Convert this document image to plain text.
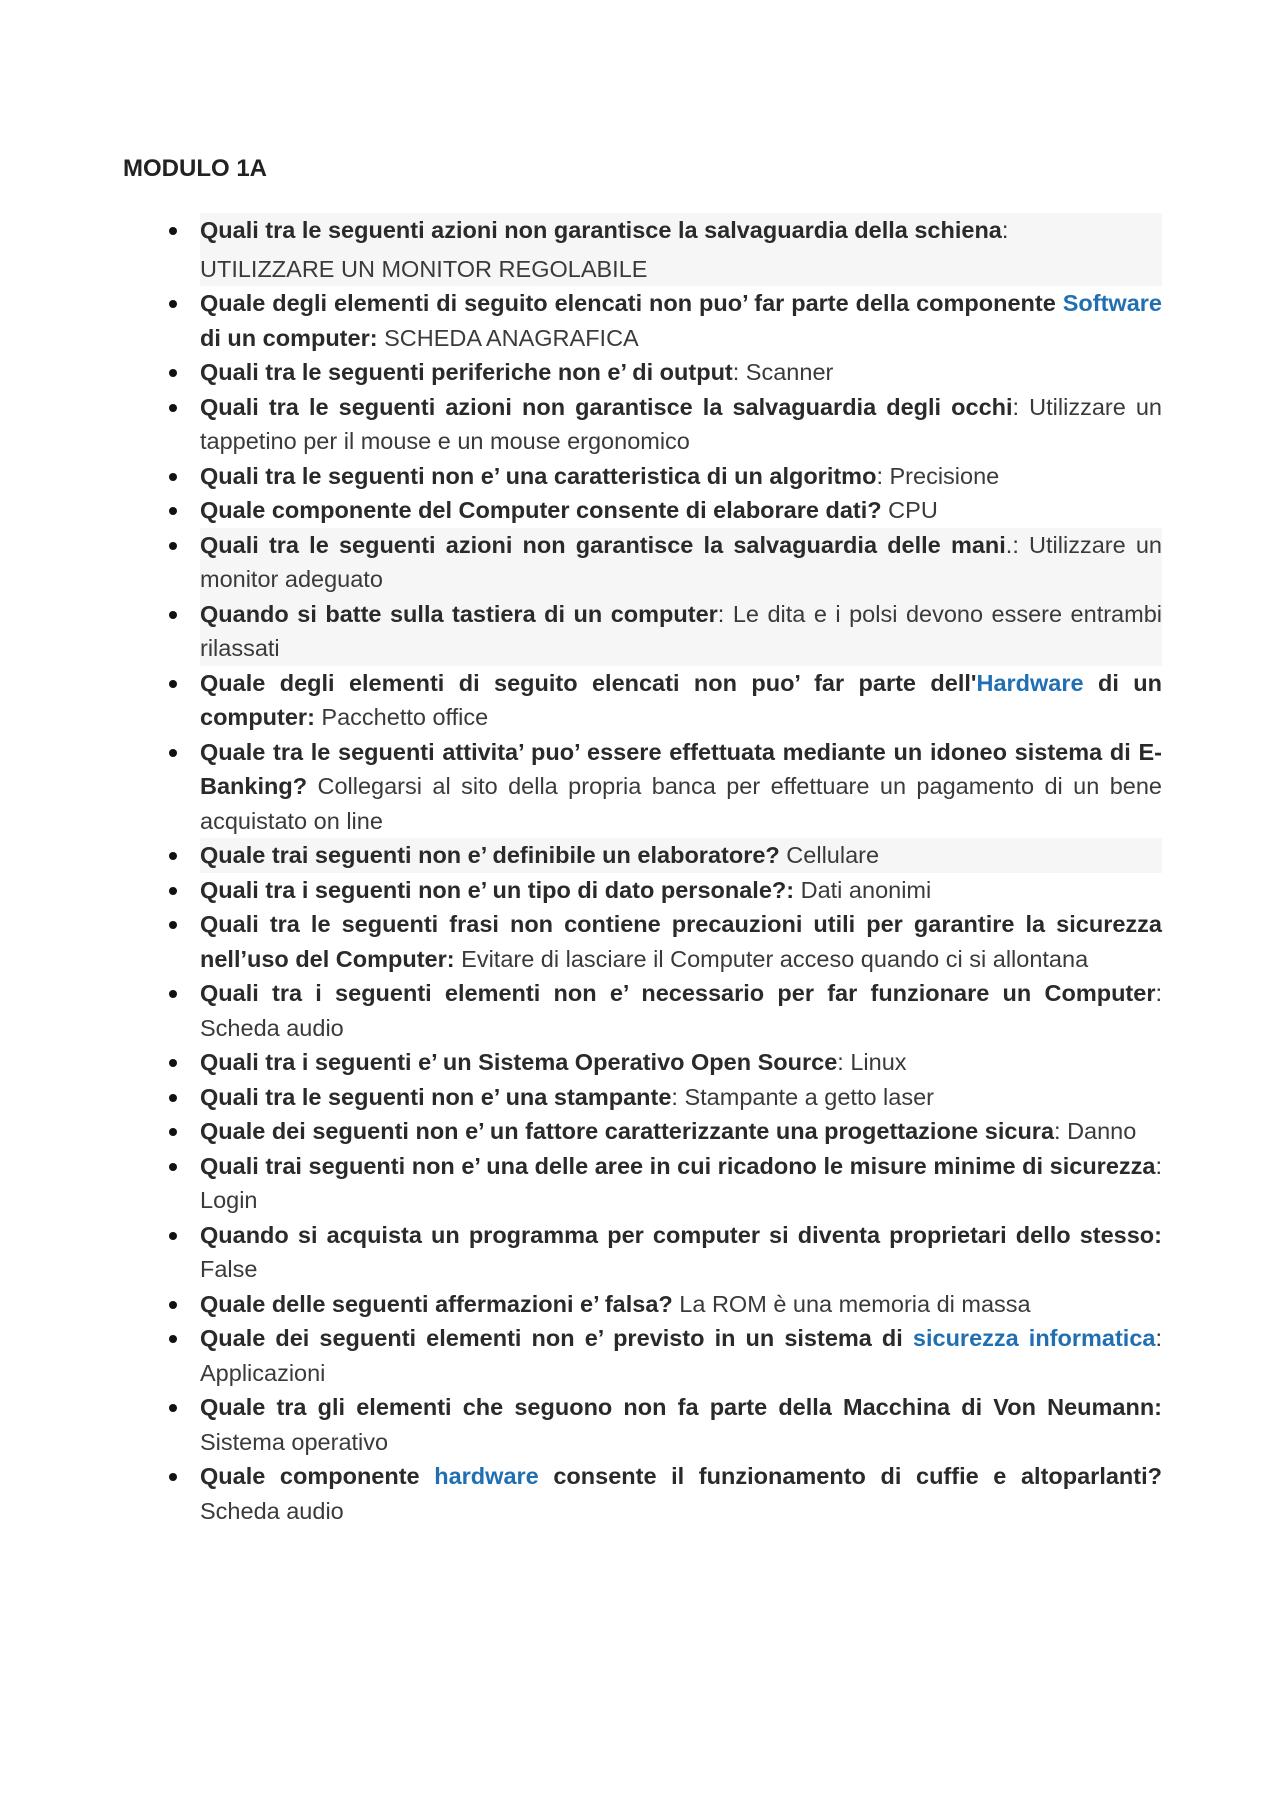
MODULO 1A
Quali tra le seguenti azioni non garantisce la salvaguardia della schiena:
UTILIZZARE UN MONITOR REGOLABILE
Quale degli elementi di seguito elencati non puo’ far parte della componente Software di un computer: SCHEDA ANAGRAFICA
Quali tra le seguenti periferiche non e’ di output: Scanner
Quali tra le seguenti azioni non garantisce la salvaguardia degli occhi: Utilizzare un tappetino per il mouse e un mouse ergonomico
Quali tra le seguenti non e’ una caratteristica di un algoritmo: Precisione
Quale componente del Computer consente di elaborare dati? CPU
Quali tra le seguenti azioni non garantisce la salvaguardia delle mani.: Utilizzare un monitor adeguato
Quando si batte sulla tastiera di un computer: Le dita e i polsi devono essere entrambi rilassati
Quale degli elementi di seguito elencati non puo’ far parte dell'Hardware di un computer: Pacchetto office
Quale tra le seguenti attivita’ puo’ essere effettuata mediante un idoneo sistema di E-Banking? Collegarsi al sito della propria banca per effettuare un pagamento di un bene acquistato on line
Quale trai seguenti non e’ definibile un elaboratore? Cellulare
Quali tra i seguenti non e’ un tipo di dato personale?: Dati anonimi
Quali tra le seguenti frasi non contiene precauzioni utili per garantire la sicurezza nell’uso del Computer: Evitare di lasciare il Computer acceso quando ci si allontana
Quali tra i seguenti elementi non e’ necessario per far funzionare un Computer: Scheda audio
Quali tra i seguenti e’ un Sistema Operativo Open Source: Linux
Quali tra le seguenti non e’ una stampante: Stampante a getto laser
Quale dei seguenti non e’ un fattore caratterizzante una progettazione sicura: Danno
Quali trai seguenti non e’ una delle aree in cui ricadono le misure minime di sicurezza: Login
Quando si acquista un programma per computer si diventa proprietari dello stesso: False
Quale delle seguenti affermazioni e’ falsa? La ROM è una memoria di massa
Quale dei seguenti elementi non e’ previsto in un sistema di sicurezza informatica: Applicazioni
Quale tra gli elementi che seguono non fa parte della Macchina di Von Neumann: Sistema operativo
Quale componente hardware consente il funzionamento di cuffie e altoparlanti? Scheda audio
